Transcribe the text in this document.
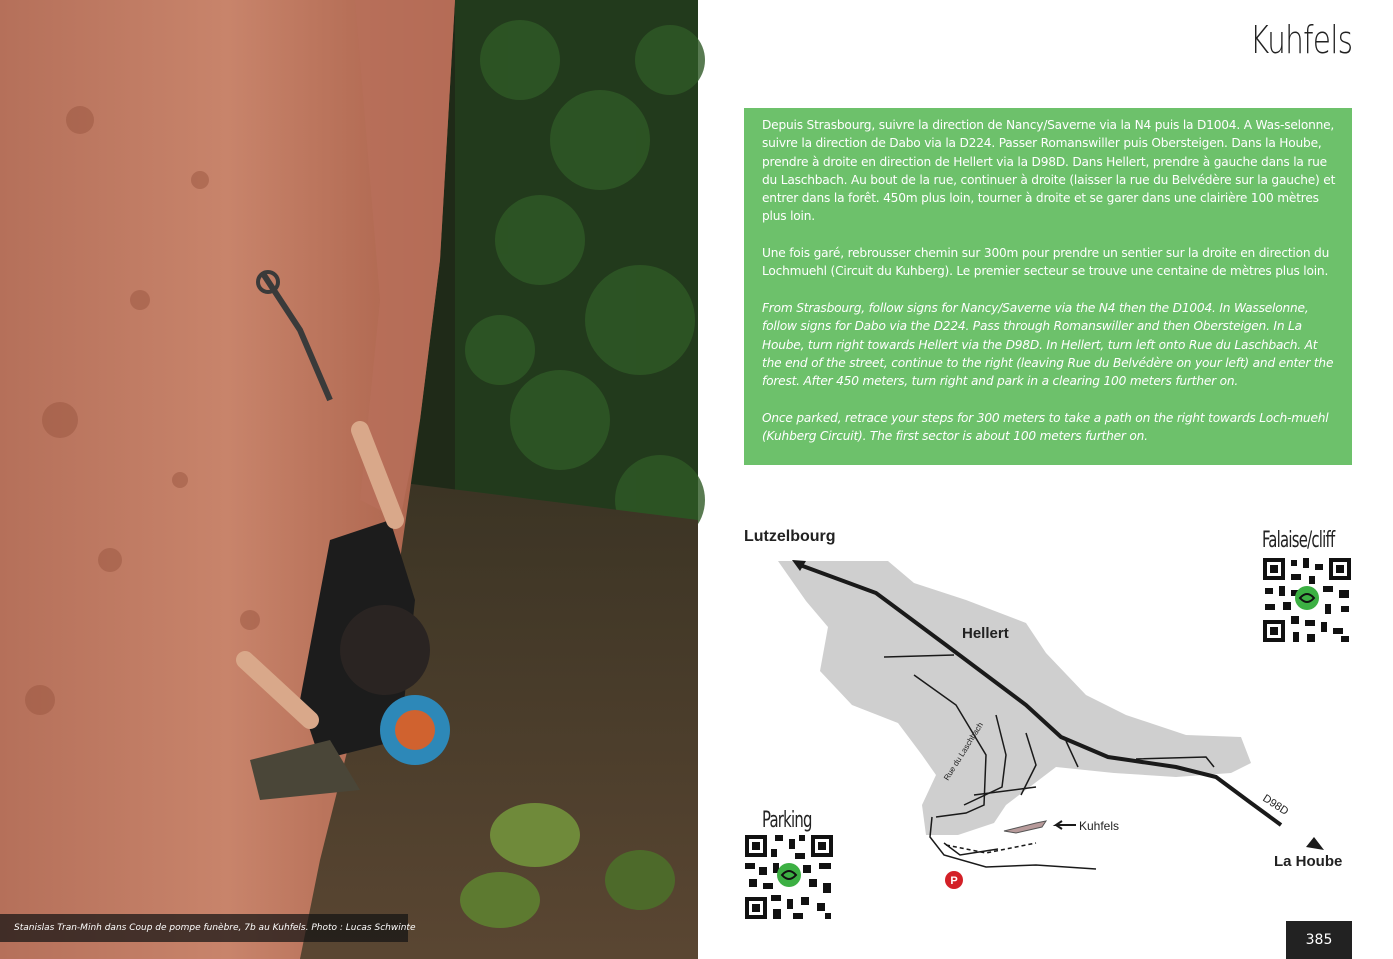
Stanislas Tran-Minh dans Coup de pompe funèbre, 7b au Kuhfels. Photo : Lucas Schwinte
Kuhfels

Depuis Strasbourg, suivre la direction de Nancy/Saverne via la N4 puis la D1004. A Was-selonne, suivre la direction de Dabo via la D224. Passer Romanswiller puis Obersteigen. Dans la Hoube, prendre à droite en direction de Hellert via la D98D. Dans Hellert, prendre à gauche dans la rue du Laschbach. Au bout de la rue, continuer à droite (laisser la rue du Belvédère sur la gauche) et entrer dans la forêt. 450m plus loin, tourner à droite et se garer dans une clairière 100 mètres plus loin.

Une fois garé, rebrousser chemin sur 300m pour prendre un sentier sur la droite en direction du Lochmuehl (Circuit du Kuhberg). Le premier secteur se trouve une centaine de mètres plus loin.

From Strasbourg, follow signs for Nancy/Saverne via the N4 then the D1004. In Wasselonne, follow signs for Dabo via the D224. Pass through Romanswiller and then Obersteigen. In La Hoube, turn right towards Hellert via the D98D. In Hellert, turn left onto Rue du Laschbach. At the end of the street, continue to the right (leaving Rue du Belvédère on your left) and enter the forest. After 450 meters, turn right and park in a clearing 100 meters further on.

Once parked, retrace your steps for 300 meters to take a path on the right towards Loch-muehl (Kuhberg Circuit). The first sector is about 100 meters further on.

P
Lutzelbourg
Hellert
La Hoube
D98D
Rue du Laschbach
Kuhfels
Falaise/cliff
Parking
385
